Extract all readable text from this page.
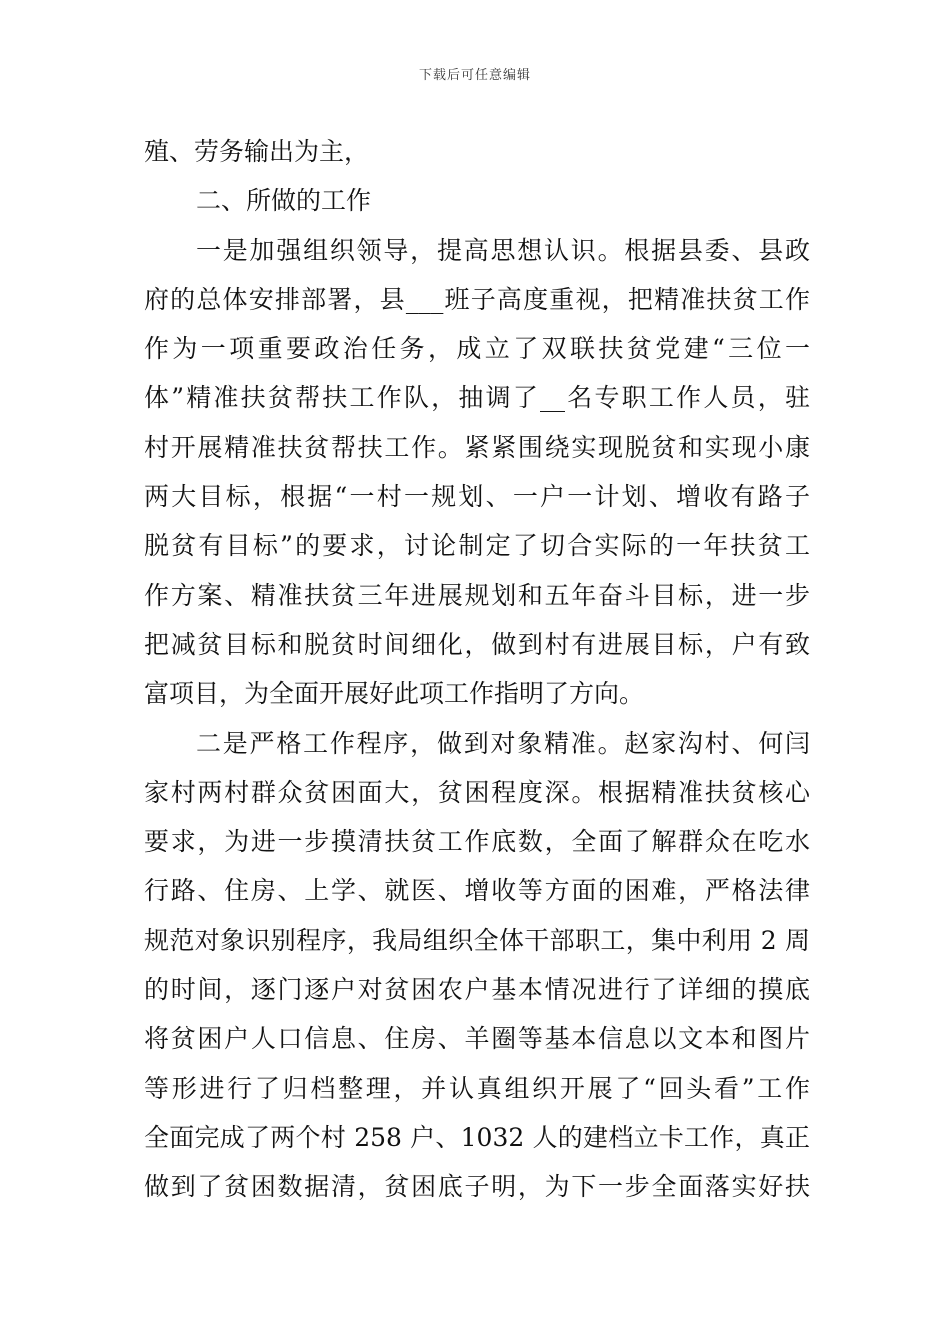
下载后可任意编辑
殖、劳务输出为主，
二、所做的工作
一是加强组织领导，提高思想认识。根据县委、县政
府的总体安排部署，县___班子高度重视，把精准扶贫工作
作为一项重要政治任务，成立了双联扶贫党建“三位一
体”精准扶贫帮扶工作队，抽调了__名专职工作人员，驻
村开展精准扶贫帮扶工作。紧紧围绕实现脱贫和实现小康
两大目标，根据“一村一规划、一户一计划、增收有路子
脱贫有目标”的要求，讨论制定了切合实际的一年扶贫工
作方案、精准扶贫三年进展规划和五年奋斗目标，进一步
把减贫目标和脱贫时间细化，做到村有进展目标，户有致
富项目，为全面开展好此项工作指明了方向。
二是严格工作程序，做到对象精准。赵家沟村、何闫
家村两村群众贫困面大，贫困程度深。根据精准扶贫核心
要求，为进一步摸清扶贫工作底数，全面了解群众在吃水
行路、住房、上学、就医、增收等方面的困难，严格法律
规范对象识别程序，我局组织全体干部职工，集中利用 2 周
的时间，逐门逐户对贫困农户基本情况进行了详细的摸底
将贫困户人口信息、住房、羊圈等基本信息以文本和图片
等形进行了归档整理，并认真组织开展了“回头看”工作
全面完成了两个村 258 户、1032 人的建档立卡工作，真正
做到了贫困数据清，贫困底子明，为下一步全面落实好扶
